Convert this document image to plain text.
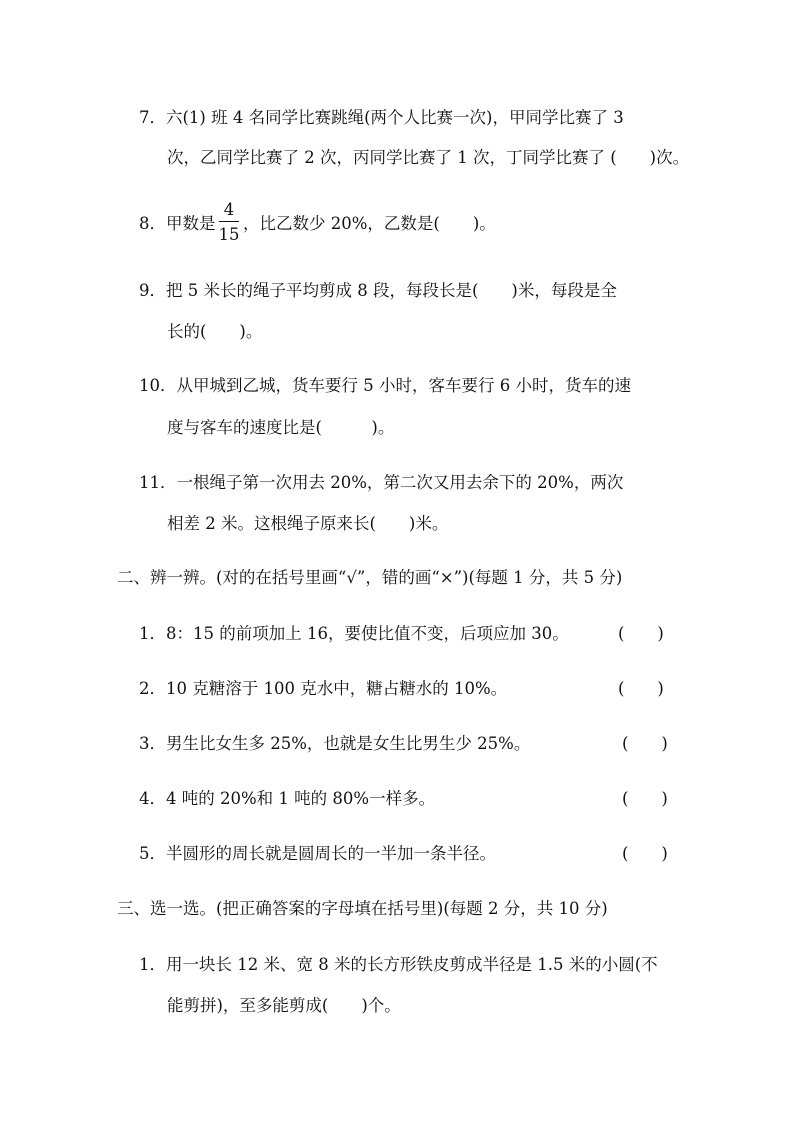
7．六(1) 班 4 名同学比赛跳绳(两个人比赛一次)，甲同学比赛了 3
次，乙同学比赛了 2 次，丙同学比赛了 1 次，丁同学比赛了 (　　)次。
8．甲数是
4
15
，比乙数少 20%，乙数是(　　)。
9．把 5 米长的绳子平均剪成 8 段，每段长是(　　)米，每段是全
长的(　　)。
10．从甲城到乙城，货车要行 5 小时，客车要行 6 小时，货车的速
度与客车的速度比是(　　　)。
11．一根绳子第一次用去 20%，第二次又用去余下的 20%，两次
相差 2 米。这根绳子原来长(　　)米。
二、辨一辨。(对的在括号里画“√”，错的画“×”)(每题 1 分，共 5 分)
1．8：15 的前项加上 16，要使比值不变，后项应加 30。	(　　)
2．10 克糖溶于 100 克水中，糖占糖水的 10%。	(　　)
3．男生比女生多 25%，也就是女生比男生少 25%。	(　　)
4．4 吨的 20%和 1 吨的 80%一样多。	(　　)
5．半圆形的周长就是圆周长的一半加一条半径。	(　　)
三、选一选。(把正确答案的字母填在括号里)(每题 2 分，共 10 分)
1．用一块长 12 米、宽 8 米的长方形铁皮剪成半径是 1.5 米的小圆(不
能剪拼)，至多能剪成(　　)个。
